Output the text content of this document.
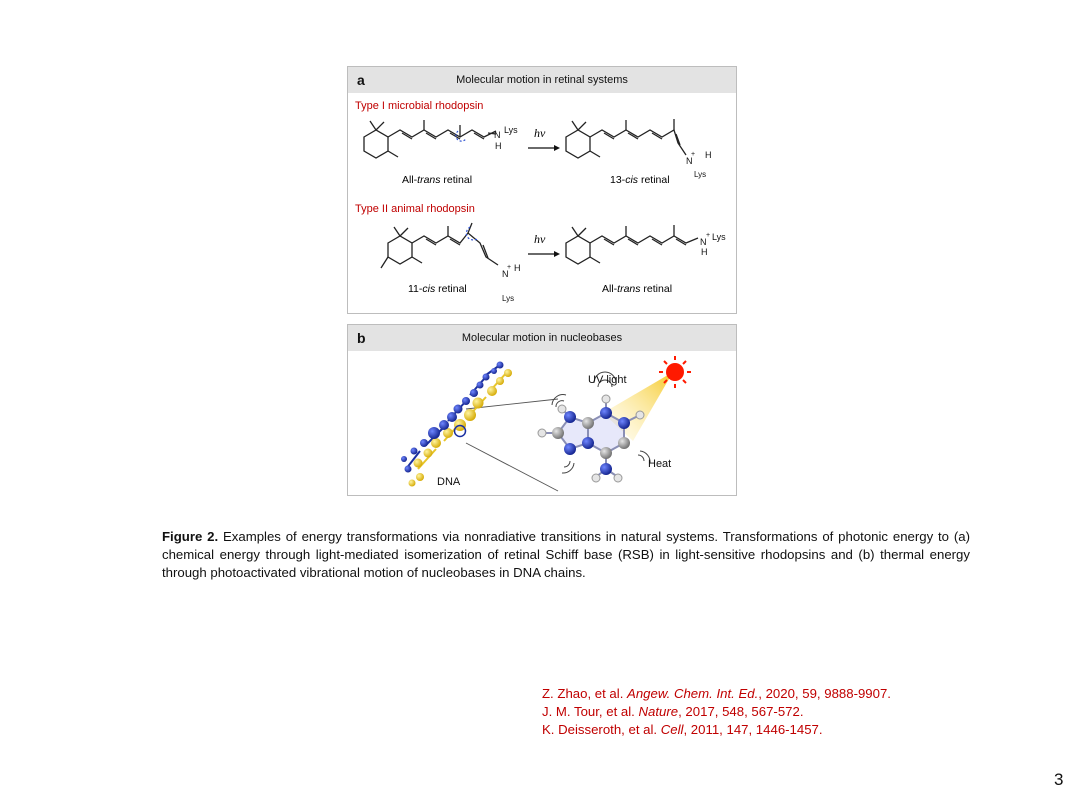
a	Molecular motion in retinal systems
Type I microbial rhodopsin
Type II animal rhodopsin
N Lys
H
hν
N
+ H
Lys
All-trans retinal	13-cis retinal
N
+ H
Lys
hν	N
+ Lys
H
11-cis retinal	All-trans retinal
b	Molecular motion in nucleobases
UV light
Heat
DNA
Figure 2. Examples of energy transformations via nonradiative transitions in natural systems. Transformations of photonic energy to (a) chemical energy through light-mediated isomerization of retinal Schiff base (RSB) in light-sensitive rhodopsins and (b) thermal energy through photoactivated vibrational motion of nucleobases in DNA chains.
Z. Zhao, et al. Angew. Chem. Int. Ed., 2020, 59, 9888-9907.
J. M. Tour, et al. Nature, 2017, 548, 567-572.
K. Deisseroth, et al. Cell, 2011, 147, 1446-1457.
3
